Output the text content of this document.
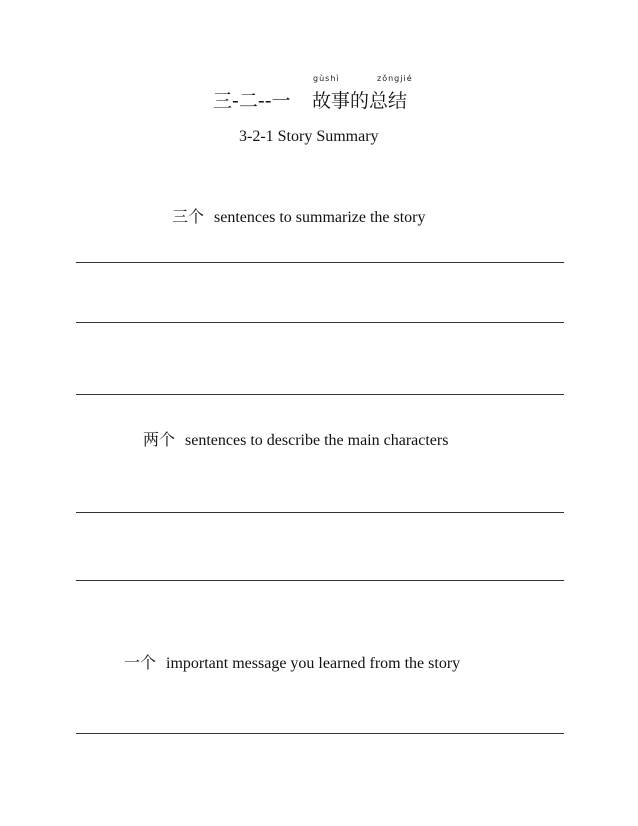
gùshì	zǒngjié
三-二--一 故事的总结
3-2-1 Story Summary
三个 sentences to summarize the story
两个 sentences to describe the main characters
一个 important message you learned from the story
